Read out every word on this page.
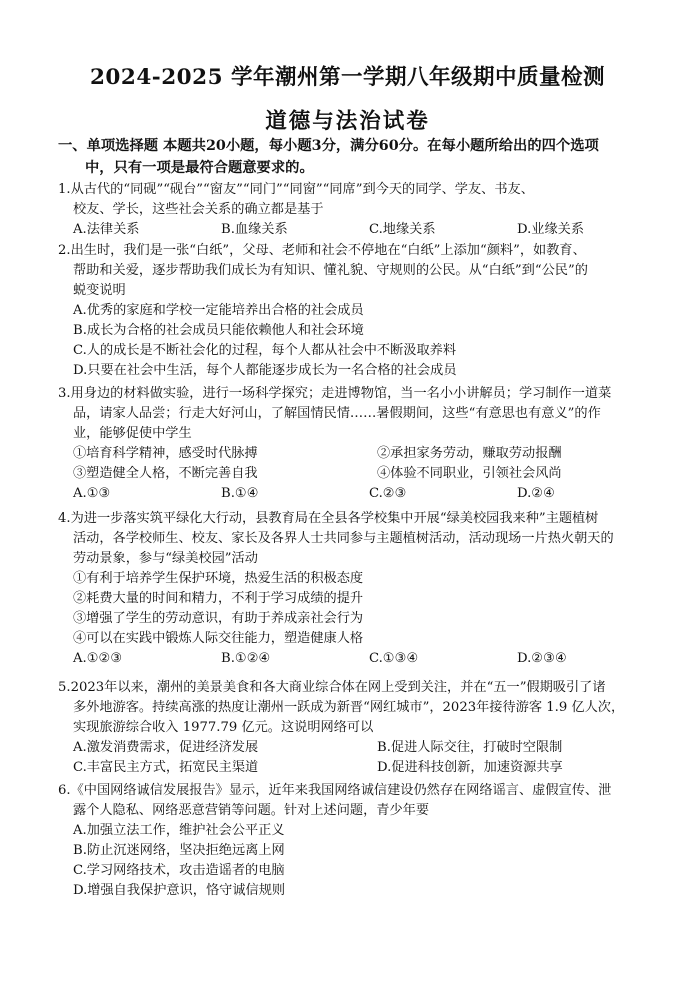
2024-2025 学年潮州第一学期八年级期中质量检测
道德与法治试卷
一、单项选择题 本题共20小题，每小题3分，满分60分。在每小题所给出的四个选项
中，只有一项是最符合题意要求的。
1.从古代的“同砚”“砚台”“窗友”“同门”“同窗”“同席”到今天的同学、学友、书友、
校友、学长，这些社会关系的确立都是基于
A.法律关系	B.血缘关系	C.地缘关系	D.业缘关系
2.出生时，我们是一张“白纸”，父母、老师和社会不停地在“白纸”上添加“颜料”，如教育、
帮助和关爱，逐步帮助我们成长为有知识、懂礼貌、守规则的公民。从“白纸”到“公民”的
蜕变说明
A.优秀的家庭和学校一定能培养出合格的社会成员
B.成长为合格的社会成员只能依赖他人和社会环境
C.人的成长是不断社会化的过程，每个人都从社会中不断汲取养料
D.只要在社会中生活，每个人都能逐步成长为一名合格的社会成员
3.用身边的材料做实验，进行一场科学探究；走进博物馆，当一名小小讲解员；学习制作一道菜
品，请家人品尝；行走大好河山，了解国情民情……暑假期间，这些“有意思也有意义”的作
业，能够促使中学生
①培育科学精神，感受时代脉搏	②承担家务劳动，赚取劳动报酬
③塑造健全人格，不断完善自我	④体验不同职业，引领社会风尚
A.①③	B.①④	C.②③	D.②④
4.为进一步落实筑平绿化大行动，县教育局在全县各学校集中开展“绿美校园我来种”主题植树
活动，各学校师生、校友、家长及各界人士共同参与主题植树活动，活动现场一片热火朝天的
劳动景象，参与“绿美校园”活动
①有利于培养学生保护环境，热爱生活的积极态度
②耗费大量的时间和精力，不利于学习成绩的提升
③增强了学生的劳动意识，有助于养成亲社会行为
④可以在实践中锻炼人际交往能力，塑造健康人格
A.①②③	B.①②④	C.①③④	D.②③④
5.2023年以来，潮州的美景美食和各大商业综合体在网上受到关注，并在“五一”假期吸引了诸
多外地游客。持续高涨的热度让潮州一跃成为新晋“网红城市”，2023年接待游客 1.9 亿人次，
实现旅游综合收入 1977.79 亿元。这说明网络可以
A.激发消费需求，促进经济发展	B.促进人际交往，打破时空限制
C.丰富民主方式，拓宽民主渠道	D.促进科技创新，加速资源共享
6.《中国网络诚信发展报告》显示，近年来我国网络诚信建设仍然存在网络谣言、虚假宣传、泄
露个人隐私、网络恶意营销等问题。针对上述问题，青少年要
A.加强立法工作，维护社会公平正义
B.防止沉迷网络，坚决拒绝远离上网
C.学习网络技术，攻击造谣者的电脑
D.增强自我保护意识，恪守诚信规则
